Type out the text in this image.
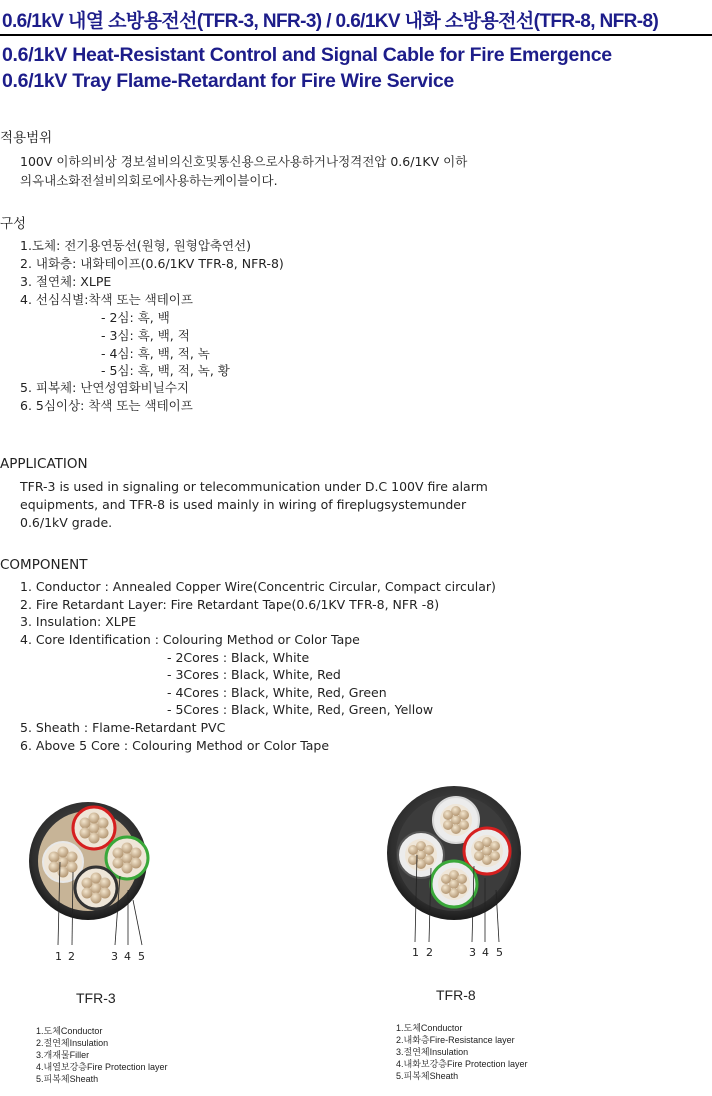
0.6/1kV 내열 소방용전선(TFR-3, NFR-3) / 0.6/1KV 내화 소방용전선(TFR-8, NFR-8)
0.6/1kV Heat-Resistant Control and Signal Cable for Fire Emergence
0.6/1kV Tray Flame-Retardant for Fire Wire Service
적용범위
100V 이하의비상 경보설비의신호및통신용으로사용하거나정격전압 0.6/1KV 이하
의옥내소화전설비의회로에사용하는케이블이다.
구성
1.도체: 전기용연동선(원형, 원형압축연선)
2. 내화층: 내화테이프(0.6/1KV TFR-8, NFR-8)
3. 절연체: XLPE
4. 선심식별:착색 또는 색테이프
- 2심: 흑, 백
- 3심: 흑, 백, 적
- 4심: 흑, 백, 적, 녹
- 5심: 흑, 백, 적, 녹, 황
5. 피복체: 난연성염화비닐수지
6. 5심이상: 착색 또는 색테이프
APPLICATION
TFR-3 is used in signaling or telecommunication under D.C 100V fire alarm
equipments, and TFR-8 is used mainly in wiring of fireplugsystemunder
0.6/1kV grade.
COMPONENT
1. Conductor : Annealed Copper Wire(Concentric Circular, Compact circular)
2. Fire Retardant Layer: Fire Retardant Tape(0.6/1KV TFR-8, NFR -8)
3. Insulation: XLPE
4. Core Identification : Colouring Method or Color Tape
- 2Cores : Black, White
- 3Cores : Black, White, Red
- 4Cores : Black, White, Red, Green
- 5Cores : Black, White, Red, Green, Yellow
5. Sheath : Flame-Retardant PVC
6. Above 5 Core : Colouring Method or Color Tape
1 2	3 4 5
TFR-3
1.도체Conductor
2.절연체Insulation
3.개재물Filler
4.내열보강층Fire Protection layer
5.피복체Sheath
1 2	3 4 5
TFR-8
1.도체Conductor
2.내화층Fire-Resistance layer
3.절연체Insulation
4.내화보강층Fire Protection layer
5.피복체Sheath
